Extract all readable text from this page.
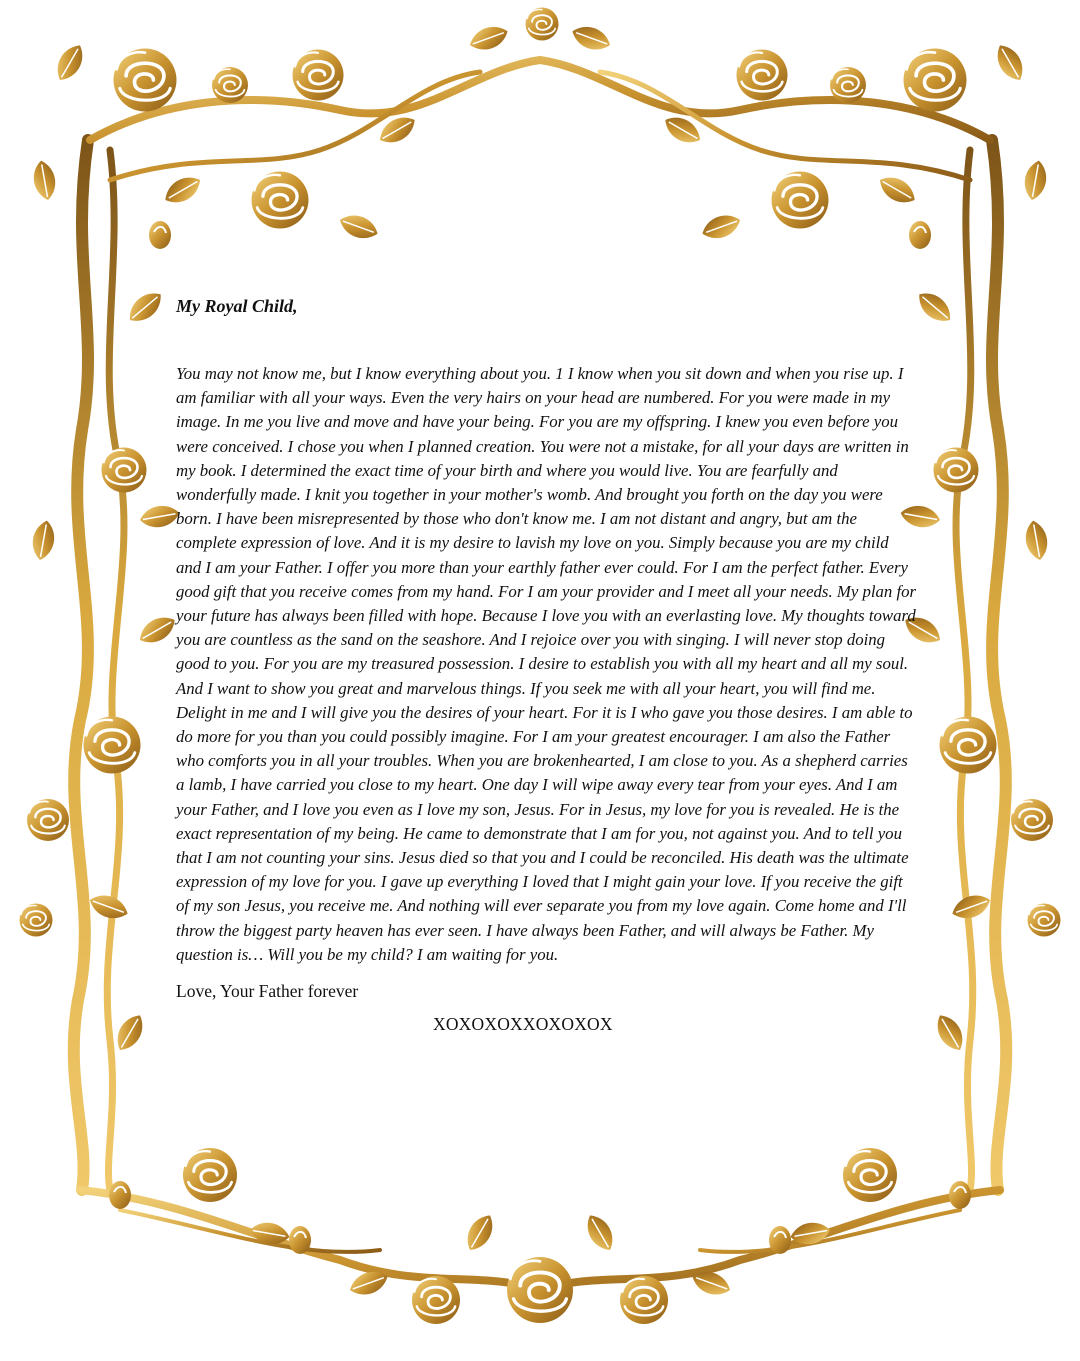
My Royal Child,

You may not know me, but I know everything about you. 1 I know when you sit down and when you rise up. I am familiar with all your ways. Even the very hairs on your head are numbered. For you were made in my image. In me you live and move and have your being. For you are my offspring. I knew you even before you were conceived. I chose you when I planned creation. You were not a mistake, for all your days are written in my book. I determined the exact time of your birth and where you would live. You are fearfully and wonderfully made. I knit you together in your mother's womb. And brought you forth on the day you were born. I have been misrepresented by those who don't know me. I am not distant and angry, but am the complete expression of love. And it is my desire to lavish my love on you. Simply because you are my child and I am your Father. I offer you more than your earthly father ever could. For I am the perfect father. Every good gift that you receive comes from my hand. For I am your provider and I meet all your needs. My plan for your future has always been filled with hope. Because I love you with an everlasting love. My thoughts toward you are countless as the sand on the seashore. And I rejoice over you with singing. I will never stop doing good to you. For you are my treasured possession. I desire to establish you with all my heart and all my soul. And I want to show you great and marvelous things. If you seek me with all your heart, you will find me. Delight in me and I will give you the desires of your heart. For it is I who gave you those desires. I am able to do more for you than you could possibly imagine. For I am your greatest encourager. I am also the Father who comforts you in all your troubles. When you are brokenhearted, I am close to you. As a shepherd carries a lamb, I have carried you close to my heart. One day I will wipe away every tear from your eyes. And I am your Father, and I love you even as I love my son, Jesus. For in Jesus, my love for you is revealed. He is the exact representation of my being. He came to demonstrate that I am for you, not against you. And to tell you that I am not counting your sins. Jesus died so that you and I could be reconciled. His death was the ultimate expression of my love for you. I gave up everything I loved that I might gain your love. If you receive the gift of my son Jesus, you receive me. And nothing will ever separate you from my love again. Come home and I'll throw the biggest party heaven has ever seen. I have always been Father, and will always be Father. My question is… Will you be my child? I am waiting for you.

Love, Your Father forever

XOXOXOXXOXOXOX
